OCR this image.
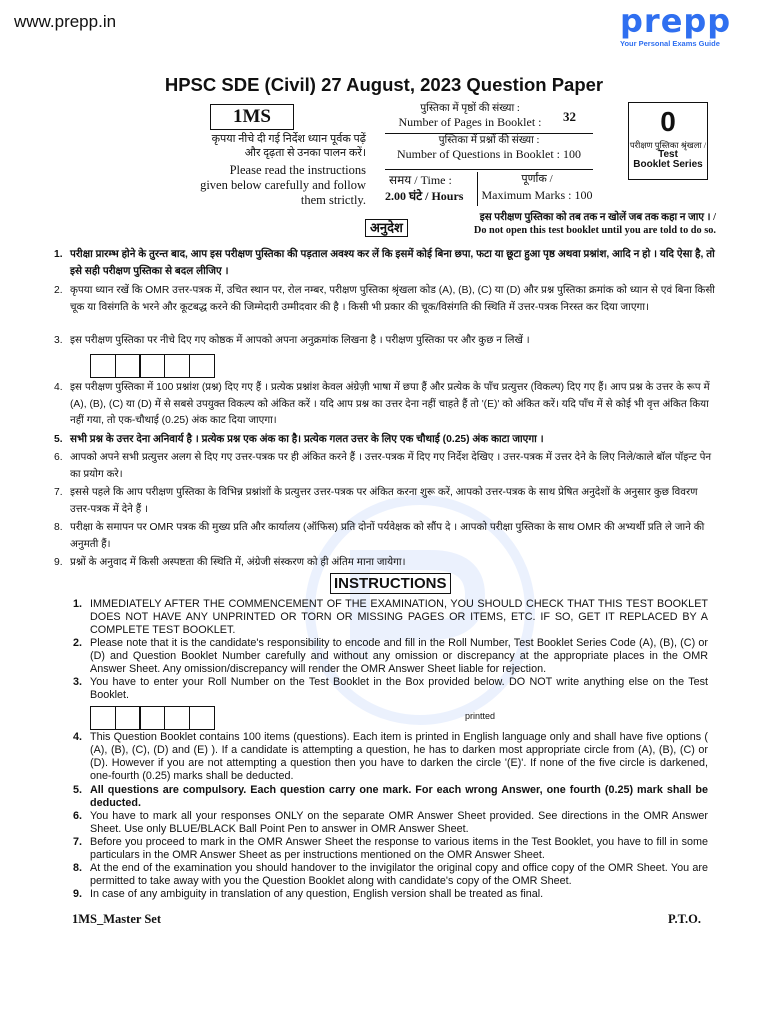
www.prepp.in	prepp
Your Personal Exams Guide
HPSC SDE (Civil) 27 August, 2023 Question Paper
1MS
कृपया नीचे दी गई निर्देश ध्यान पूर्वक पढ़ें और दृढ़ता से उनका पालन करें।
Please read the instructions given below carefully and follow them strictly.
पुस्तिका में पृष्ठों की संख्या :
Number of Pages in Booklet :	32
पुस्तिका में प्रश्नों की संख्या :
Number of Questions in Booklet : 100
समय / Time :
2.00 घंटे / Hours
पूर्णांक /
Maximum Marks : 100
0
परीक्षण पुस्तिका श्रृंखला /
Test
Booklet Series
अनुदेश
इस परीक्षण पुस्तिका को तब तक न खोलें जब तक कहा न जाए । /
Do not open this test booklet until you are told to do so.
1. परीक्षा प्रारम्भ होने के तुरन्त बाद, आप इस परीक्षण पुस्तिका की पड़ताल अवश्य कर लें कि इसमें कोई बिना छपा, फटा या छूटा हुआ पृष्ठ अथवा प्रश्नांश, आदि न हो । यदि ऐसा है, तो इसे सही परीक्षण पुस्तिका से बदल लीजिए ।
2. कृपया ध्यान रखें कि OMR उत्तर-पत्रक में, उचित स्थान पर, रोल नम्बर, परीक्षण पुस्तिका श्रृंखला कोड (A), (B), (C) या (D) और प्रश्न पुस्तिका क्रमांक को ध्यान से एवं बिना किसी चूक या विसंगति के भरने और कूटबद्ध करने की जिम्मेदारी उम्मीदवार की है । किसी भी प्रकार की चूक/विसंगति की स्थिति में उत्तर-पत्रक निरस्त कर दिया जाएगा।
3. इस परीक्षण पुस्तिका पर नीचे दिए गए कोष्ठक में आपको अपना अनुक्रमांक लिखना है । परीक्षण पुस्तिका पर और कुछ न लिखें ।
4. इस परीक्षण पुस्तिका में 100 प्रश्नांश (प्रश्न) दिए गए हैं । प्रत्येक प्रश्नांश केवल अंग्रेज़ी भाषा में छपा हैं और प्रत्येक के पाँच प्रत्युत्तर (विकल्प) दिए गए हैं। आप प्रश्न के उत्तर के रूप में (A), (B), (C) या (D) में से सबसे उपयुक्त विकल्प को अंकित करें । यदि आप प्रश्न का उत्तर देना नहीं चाहते हैं तो '(E)' को अंकित करें। यदि पाँच में से कोई भी वृत्त अंकित किया नहीं गया, तो एक-चौथाई (0.25) अंक काट दिया जाएगा।
5. सभी प्रश्न के उत्तर देना अनिवार्य है । प्रत्येक प्रश्न एक अंक का है। प्रत्येक गलत उत्तर के लिए एक चौथाई (0.25) अंक काटा जाएगा ।
6. आपको अपने सभी प्रत्युत्तर अलग से दिए गए उत्तर-पत्रक पर ही अंकित करने हैं । उत्तर-पत्रक में दिए गए निर्देश देखिए । उत्तर-पत्रक में उत्तर देने के लिए निले/काले बॉल पॉइन्ट पेन का प्रयोग करे।
7. इससे पहले कि आप परीक्षण पुस्तिका के विभिन्न प्रश्नांशों के प्रत्युत्तर उत्तर-पत्रक पर अंकित करना शुरू करें, आपको उत्तर-पत्रक के साथ प्रेषित अनुदेशों के अनुसार कुछ विवरण उत्तर-पत्रक में देने हैं ।
8. परीक्षा के समापन पर OMR पत्रक की मुख्य प्रति और कार्यालय (ऑफिस) प्रति दोनों पर्यवेक्षक को सौंप दे । आपको परीक्षा पुस्तिका के साथ OMR की अभ्यर्थी प्रति ले जाने की अनुमती हैं।
9. प्रश्नों के अनुवाद में किसी अस्पष्टता की स्थिति में, अंग्रेजी संस्करण को ही अंतिम माना जायेगा।
INSTRUCTIONS
1. IMMEDIATELY AFTER THE COMMENCEMENT OF THE EXAMINATION, YOU SHOULD CHECK THAT THIS TEST BOOKLET DOES NOT HAVE ANY UNPRINTED OR TORN OR MISSING PAGES OR ITEMS, ETC. IF SO, GET IT REPLACED BY A COMPLETE TEST BOOKLET.
2. Please note that it is the candidate's responsibility to encode and fill in the Roll Number, Test Booklet Series Code (A), (B), (C) or (D) and Question Booklet Number carefully and without any omission or discrepancy at the appropriate places in the OMR Answer Sheet. Any omission/discrepancy will render the OMR Answer Sheet liable for rejection.
3. You have to enter your Roll Number on the Test Booklet in the Box provided below. DO NOT write anything else on the Test Booklet.
printted
4. This Question Booklet contains 100 items (questions). Each item is printed in English language only and shall have five options ( (A), (B), (C), (D) and (E) ). If a candidate is attempting a question, he has to darken most appropriate circle from (A), (B), (C) or (D). However if you are not attempting a question then you have to darken the circle '(E)'. If none of the five circle is darkened, one-fourth (0.25) marks shall be deducted.
5. All questions are compulsory. Each question carry one mark. For each wrong Answer, one fourth (0.25) mark shall be deducted.
6. You have to mark all your responses ONLY on the separate OMR Answer Sheet provided. See directions in the OMR Answer Sheet. Use only BLUE/BLACK Ball Point Pen to answer in OMR Answer Sheet.
7. Before you proceed to mark in the OMR Answer Sheet the response to various items in the Test Booklet, you have to fill in some particulars in the OMR Answer Sheet as per instructions mentioned on the OMR Answer Sheet.
8. At the end of the examination you should handover to the invigilator the original copy and office copy of the OMR Sheet. You are permitted to take away with you the Question Booklet along with candidate's copy of the OMR Sheet.
9. In case of any ambiguity in translation of any question, English version shall be treated as final.
1MS_Master Set	P.T.O.
